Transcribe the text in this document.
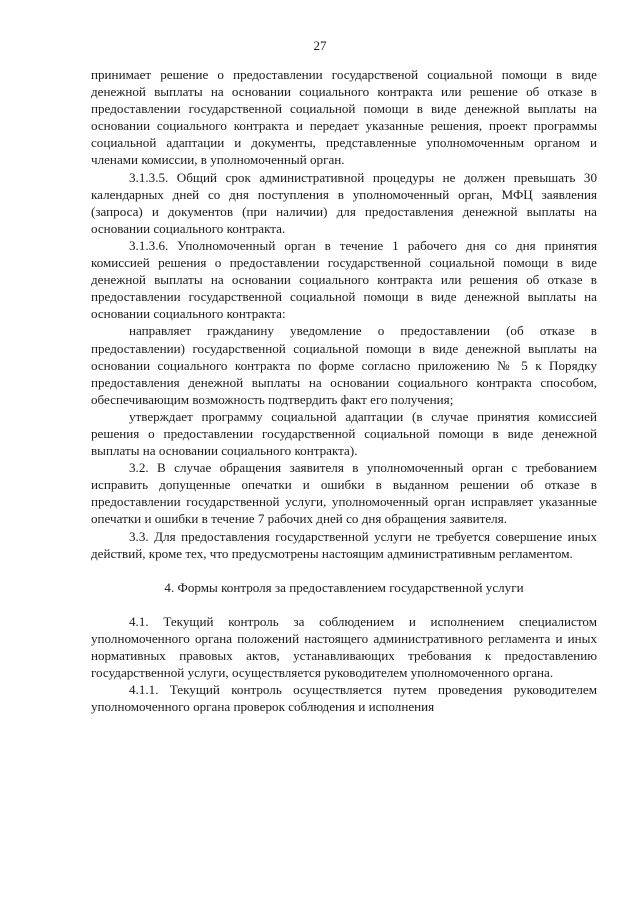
27

принимает решение о предоставлении государственой социальной помощи в виде денежной выплаты на основании социального контракта или решение об отказе в предоставлении государственной социальной помощи в виде денежной выплаты на основании социального контракта и передает указанные решения, проект программы социальной адаптации и документы, представленные уполномоченным органом и членами комиссии, в уполномоченный орган.

3.1.3.5. Общий срок административной процедуры не должен превышать 30 календарных дней со дня поступления в уполномоченный орган, МФЦ заявления (запроса) и документов (при наличии) для предоставления денежной выплаты на основании социального контракта.

3.1.3.6. Уполномоченный орган в течение 1 рабочего дня со дня принятия комиссией решения о предоставлении государственной социальной помощи в виде денежной выплаты на основании социального контракта или решения об отказе в предоставлении государственной социальной помощи в виде денежной выплаты на основании социального контракта:

направляет гражданину уведомление о предоставлении (об отказе в предоставлении) государственной социальной помощи в виде денежной выплаты на основании социального контракта по форме согласно приложению № 5 к Порядку предоставления денежной выплаты на основании социального контракта способом, обеспечивающим возможность подтвердить факт его получения;

утверждает программу социальной адаптации (в случае принятия комиссией решения о предоставлении государственной социальной помощи в виде денежной выплаты на основании социального контракта).

3.2. В случае обращения заявителя в уполномоченный орган с требованием исправить допущенные опечатки и ошибки в выданном решении об отказе в предоставлении государственной услуги, уполномоченный орган исправляет указанные опечатки и ошибки в течение 7 рабочих дней со дня обращения заявителя.

3.3. Для предоставления государственной услуги не требуется совершение иных действий, кроме тех, что предусмотрены настоящим административным регламентом.

4. Формы контроля за предоставлением государственной услуги

4.1. Текущий контроль за соблюдением и исполнением специалистом уполномоченного органа положений настоящего административного регламента и иных нормативных правовых актов, устанавливающих требования к предоставлению государственной услуги, осуществляется руководителем уполномоченного органа.

4.1.1. Текущий контроль осуществляется путем проведения руководителем уполномоченного органа проверок соблюдения и исполнения
